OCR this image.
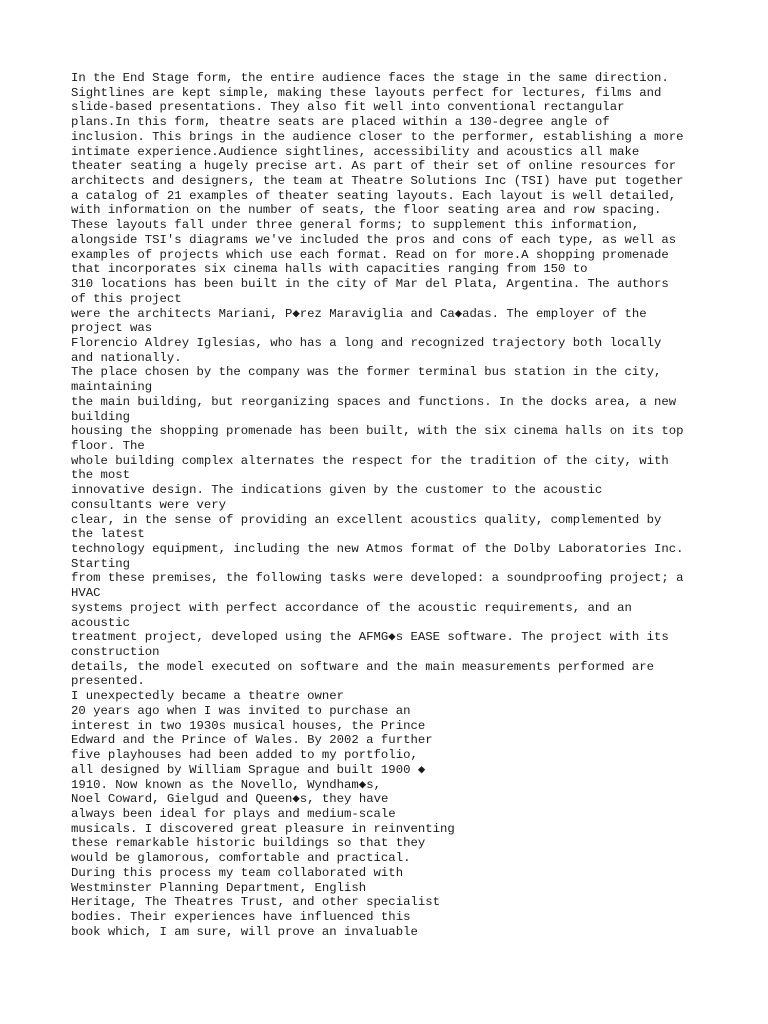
In the End Stage form, the entire audience faces the stage in the same direction.
Sightlines are kept simple, making these layouts perfect for lectures, films and
slide-based presentations. They also fit well into conventional rectangular
plans.In this form, theatre seats are placed within a 130-degree angle of
inclusion. This brings in the audience closer to the performer, establishing a more
intimate experience.Audience sightlines, accessibility and acoustics all make
theater seating a hugely precise art. As part of their set of online resources for
architects and designers, the team at Theatre Solutions Inc (TSI) have put together
a catalog of 21 examples of theater seating layouts. Each layout is well detailed,
with information on the number of seats, the floor seating area and row spacing.
These layouts fall under three general forms; to supplement this information,
alongside TSI's diagrams we've included the pros and cons of each type, as well as
examples of projects which use each format. Read on for more.A shopping promenade
that incorporates six cinema halls with capacities ranging from 150 to
310 locations has been built in the city of Mar del Plata, Argentina. The authors
of this project
were the architects Mariani, P◆rez Maraviglia and Ca◆adas. The employer of the
project was
Florencio Aldrey Iglesias, who has a long and recognized trajectory both locally
and nationally.
The place chosen by the company was the former terminal bus station in the city,
maintaining
the main building, but reorganizing spaces and functions. In the docks area, a new
building
housing the shopping promenade has been built, with the six cinema halls on its top
floor. The
whole building complex alternates the respect for the tradition of the city, with
the most
innovative design. The indications given by the customer to the acoustic
consultants were very
clear, in the sense of providing an excellent acoustics quality, complemented by
the latest
technology equipment, including the new Atmos format of the Dolby Laboratories Inc.
Starting
from these premises, the following tasks were developed: a soundproofing project; a
HVAC
systems project with perfect accordance of the acoustic requirements, and an
acoustic
treatment project, developed using the AFMG◆s EASE software. The project with its
construction
details, the model executed on software and the main measurements performed are
presented.
I unexpectedly became a theatre owner
20 years ago when I was invited to purchase an
interest in two 1930s musical houses, the Prince
Edward and the Prince of Wales. By 2002 a further
five playhouses had been added to my portfolio,
all designed by William Sprague and built 1900 ◆
1910. Now known as the Novello, Wyndham◆s,
Noel Coward, Gielgud and Queen◆s, they have
always been ideal for plays and medium-scale
musicals. I discovered great pleasure in reinventing
these remarkable historic buildings so that they
would be glamorous, comfortable and practical.
During this process my team collaborated with
Westminster Planning Department, English
Heritage, The Theatres Trust, and other specialist
bodies. Their experiences have influenced this
book which, I am sure, will prove an invaluable
